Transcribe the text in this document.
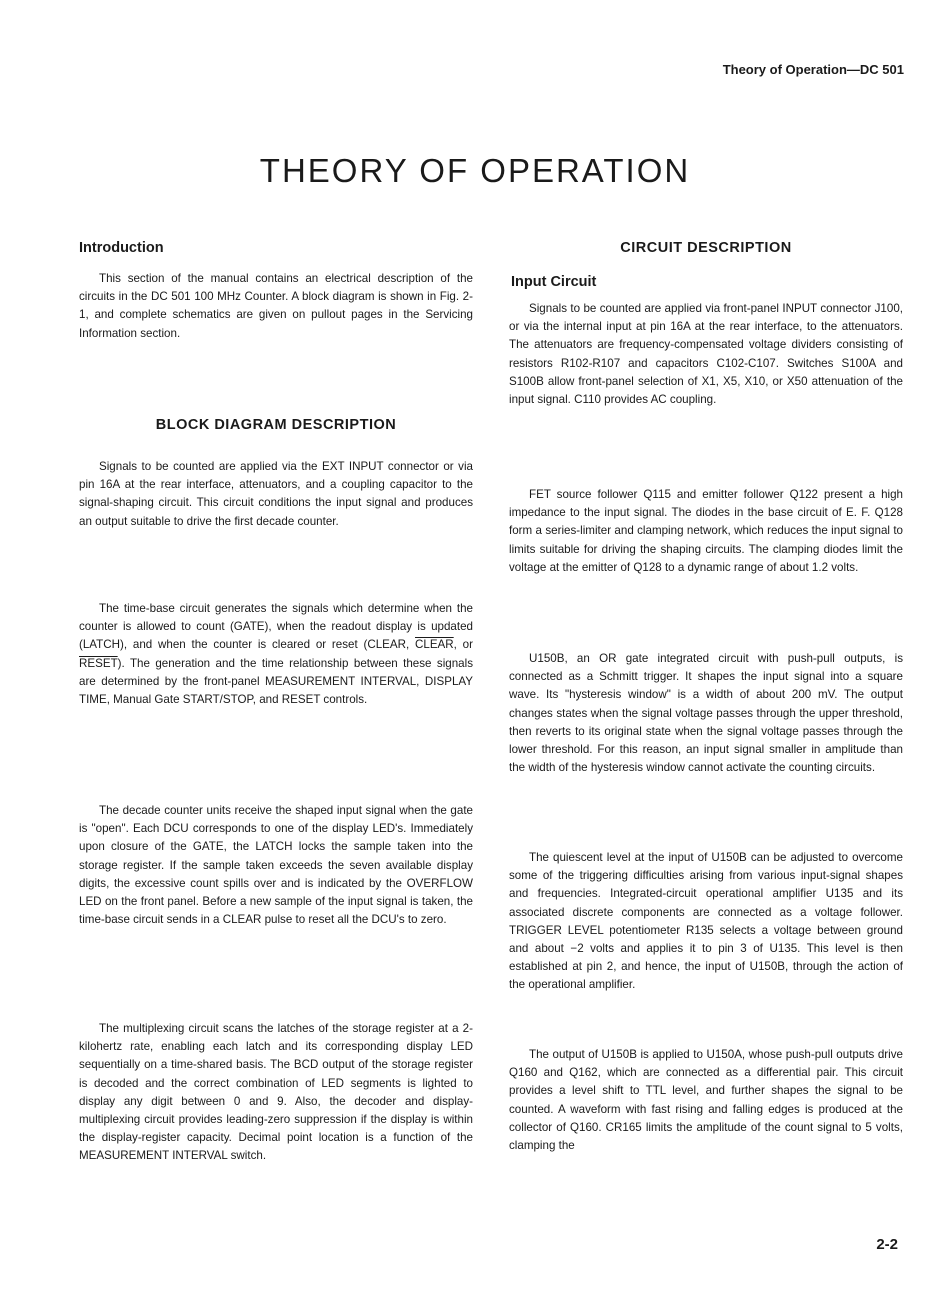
Theory of Operation—DC 501
THEORY OF OPERATION
Introduction

This section of the manual contains an electrical description of the circuits in the DC 501 100 MHz Counter. A block diagram is shown in Fig. 2-1, and complete schematics are given on pullout pages in the Servicing Information section.

BLOCK DIAGRAM DESCRIPTION

Signals to be counted are applied via the EXT INPUT connector or via pin 16A at the rear interface, attenuators, and a coupling capacitor to the signal-shaping circuit. This circuit conditions the input signal and produces an output suitable to drive the first decade counter.

The time-base circuit generates the signals which determine when the counter is allowed to count (GATE), when the readout display is updated (LATCH), and when the counter is cleared or reset (CLEAR, CLEAR, or RESET). The generation and the time relationship between these signals are determined by the front-panel MEASUREMENT INTERVAL, DISPLAY TIME, Manual Gate START/STOP, and RESET controls.

The decade counter units receive the shaped input signal when the gate is "open". Each DCU corresponds to one of the display LED's. Immediately upon closure of the GATE, the LATCH locks the sample taken into the storage register. If the sample taken exceeds the seven available display digits, the excessive count spills over and is indicated by the OVERFLOW LED on the front panel. Before a new sample of the input signal is taken, the time-base circuit sends in a CLEAR pulse to reset all the DCU's to zero.

The multiplexing circuit scans the latches of the storage register at a 2-kilohertz rate, enabling each latch and its corresponding display LED sequentially on a time-shared basis. The BCD output of the storage register is decoded and the correct combination of LED segments is lighted to display any digit between 0 and 9. Also, the decoder and display-multiplexing circuit provides leading-zero suppression if the display is within the display-register capacity. Decimal point location is a function of the MEASUREMENT INTERVAL switch.

CIRCUIT DESCRIPTION
Input Circuit

Signals to be counted are applied via front-panel INPUT connector J100, or via the internal input at pin 16A at the rear interface, to the attenuators. The attenuators are frequency-compensated voltage dividers consisting of resistors R102-R107 and capacitors C102-C107. Switches S100A and S100B allow front-panel selection of X1, X5, X10, or X50 attenuation of the input signal. C110 provides AC coupling.

FET source follower Q115 and emitter follower Q122 present a high impedance to the input signal. The diodes in the base circuit of E. F. Q128 form a series-limiter and clamping network, which reduces the input signal to limits suitable for driving the shaping circuits. The clamping diodes limit the voltage at the emitter of Q128 to a dynamic range of about 1.2 volts.

U150B, an OR gate integrated circuit with push-pull outputs, is connected as a Schmitt trigger. It shapes the input signal into a square wave. Its "hysteresis window" is a width of about 200 mV. The output changes states when the signal voltage passes through the upper threshold, then reverts to its original state when the signal voltage passes through the lower threshold. For this reason, an input signal smaller in amplitude than the width of the hysteresis window cannot activate the counting circuits.

The quiescent level at the input of U150B can be adjusted to overcome some of the triggering difficulties arising from various input-signal shapes and frequencies. Integrated-circuit operational amplifier U135 and its associated discrete components are connected as a voltage follower. TRIGGER LEVEL potentiometer R135 selects a voltage between ground and about −2 volts and applies it to pin 3 of U135. This level is then established at pin 2, and hence, the input of U150B, through the action of the operational amplifier.

The output of U150B is applied to U150A, whose push-pull outputs drive Q160 and Q162, which are connected as a differential pair. This circuit provides a level shift to TTL level, and further shapes the signal to be counted. A waveform with fast rising and falling edges is produced at the collector of Q160. CR165 limits the amplitude of the count signal to 5 volts, clamping the

2-2
